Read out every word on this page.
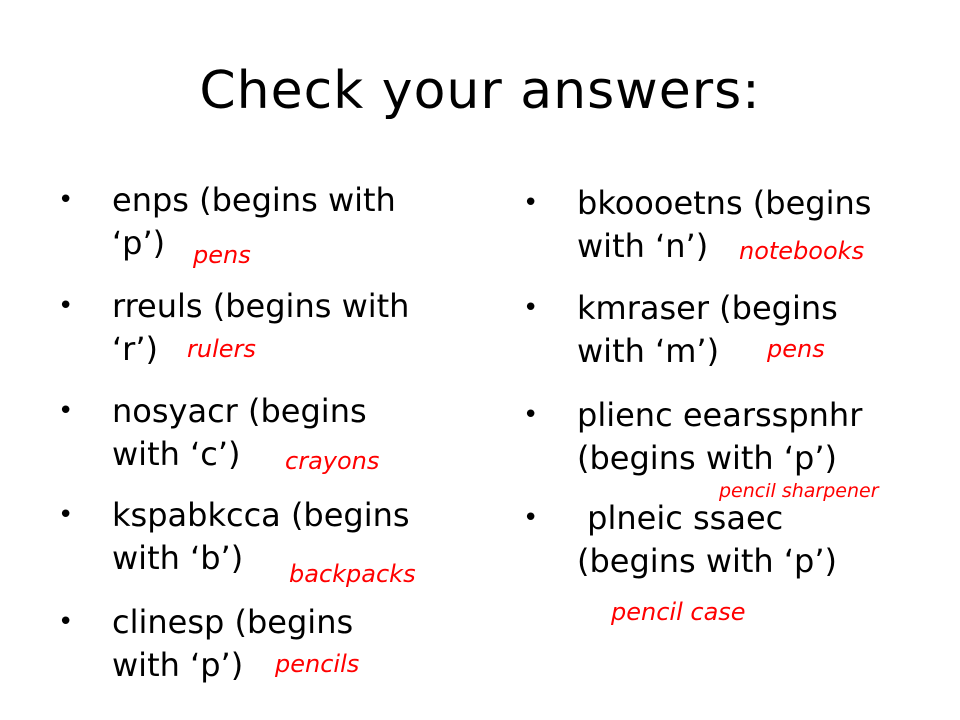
Check your answers:
• enps (begins with
‘p’)	pens
• rreuls (begins with
‘r’)	rulers
• nosyacr (begins
with ‘c’)	crayons
• kspabkcca (begins
with ‘b’)	backpacks
• clinesp (begins
with ‘p’)	pencils
• bkoooetns (begins
with ‘n’)	notebooks
• kmraser (begins
with ‘m’)	pens
• plienc eearsspnhr
(begins with ‘p’)
pencil sharpener
• plneic ssaec
(begins with ‘p’)
pencil case
